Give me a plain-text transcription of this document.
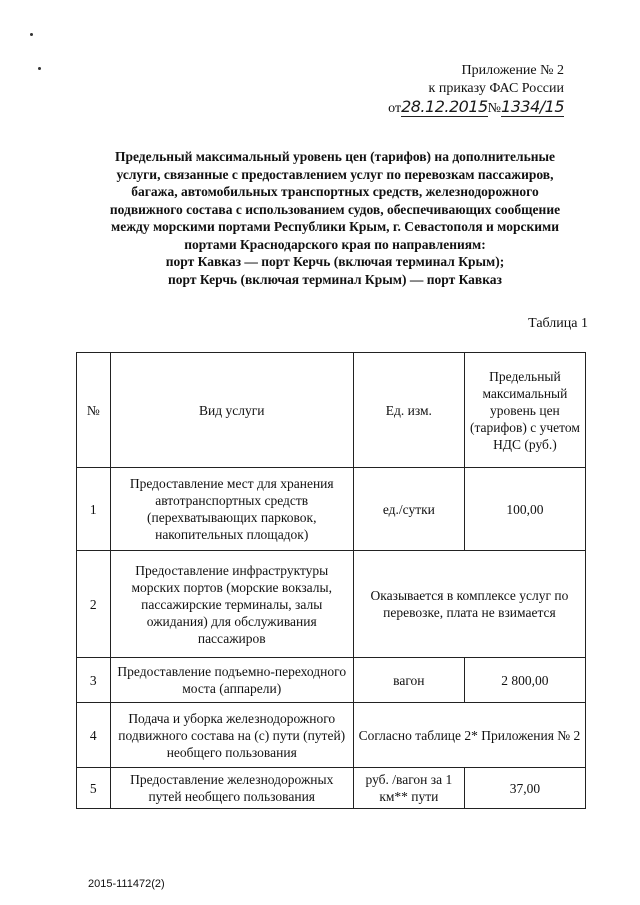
Приложение № 2
к приказу ФАС России
от28.12.2015№1334/15

Предельный максимальный уровень цен (тарифов) на дополнительные

услуги, связанные с предоставлением услуг по перевозкам пассажиров,

багажа, автомобильных транспортных средств, железнодорожного

подвижного состава с использованием судов, обеспечивающих сообщение

между морскими портами Республики Крым, г. Севастополя и морскими

портами Краснодарского края по направлениям:

порт Кавказ — порт Керчь (включая терминал Крым);

порт Керчь (включая терминал Крым) — порт Кавказ

Таблица 1
№	Вид услуги	Ед. изм.	Предельный максимальный уровень цен (тарифов) с учетом НДС (руб.)
1	Предоставление мест для хранения автотранспортных средств (перехватывающих парковок, накопительных площадок)	ед./сутки	100,00
2	Предоставление инфраструктуры морских портов (морские вокзалы, пассажирские терминалы, залы ожидания) для обслуживания пассажиров	Оказывается в комплексе услуг по перевозке, плата не взимается	
3	Предоставление подъемно-переходного моста (аппарели)	вагон	2 800,00
4	Подача и уборка железнодорожного подвижного состава на (с) пути (путей) необщего пользования	Согласно таблице 2* Приложения № 2	
5	Предоставление железнодорожных путей необщего пользования	руб. /вагон за 1 км** пути	37,00
2015-111472(2)
